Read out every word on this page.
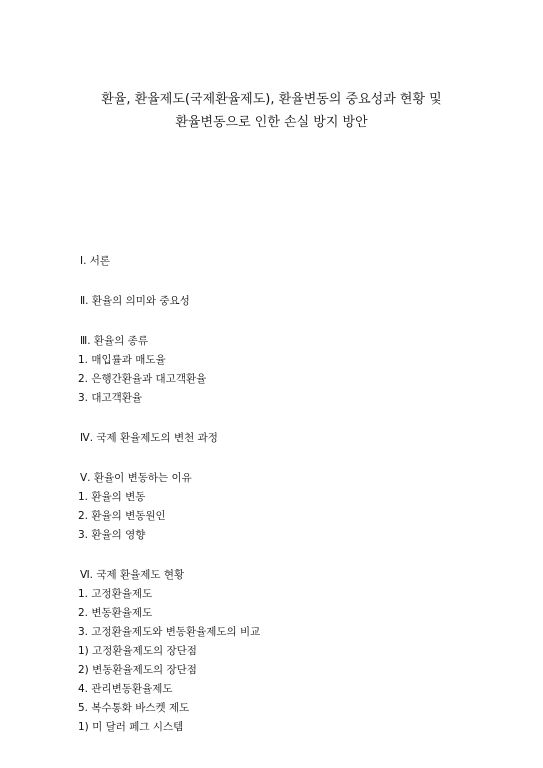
환율, 환율제도(국제환율제도), 환율변동의 중요성과 현황 및
환율변동으로 인한 손실 방지 방안
Ⅰ. 서론
Ⅱ. 환율의 의미와 중요성
Ⅲ. 환율의 종류
1. 매입률과 매도율
2. 은행간환율과 대고객환율
3. 대고객환율
Ⅳ. 국제 환율제도의 변천 과정
Ⅴ. 환율이 변동하는 이유
1. 환율의 변동
2. 환율의 변동원인
3. 환율의 영향
Ⅵ. 국제 환율제도 현황
1. 고정환율제도
2. 변동환율제도
3. 고정환율제도와 변동환율제도의 비교
1) 고정환율제도의 장단점
2) 변동환율제도의 장단점
4. 관리변동환율제도
5. 복수통화 바스켓 제도
1) 미 달러 페그 시스템
